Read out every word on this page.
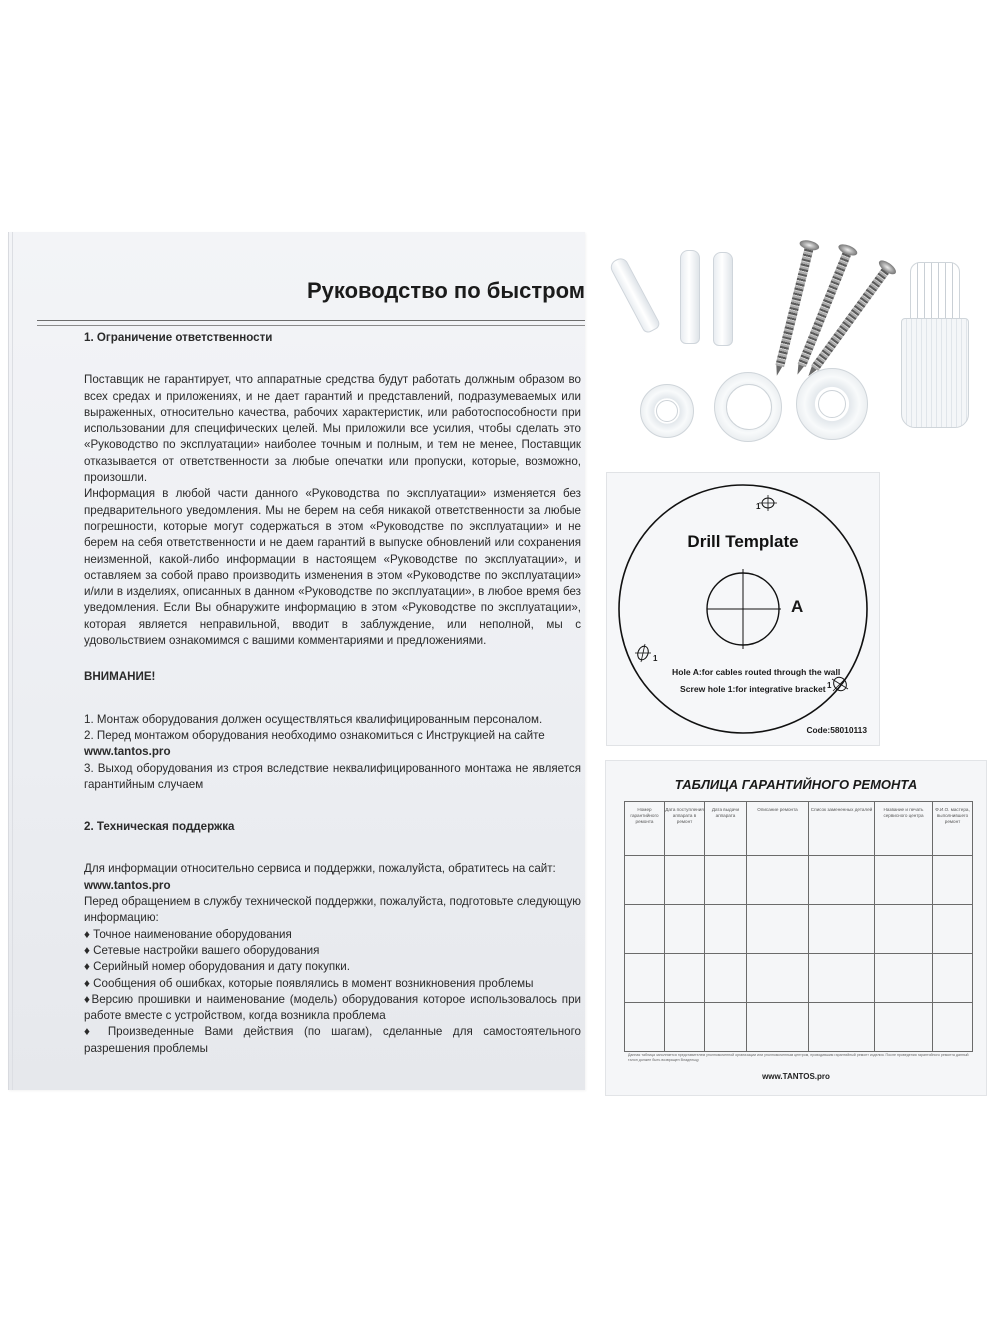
Руководство по быстром

1. Ограничение ответственности

Поставщик не гарантирует, что аппаратные средства будут работать должным образом во всех средах и приложениях, и не дает гарантий и представлений, подразумеваемых или выраженных, относительно качества, рабочих характеристик, или работоспособности при использовании для специфических целей. Мы приложили все усилия, чтобы сделать это «Руководство по эксплуатации» наиболее точным и полным, и тем не менее, Поставщик отказывается от ответственности за любые опечатки или пропуски, которые, возможно, произошли.

Информация в любой части данного «Руководства по эксплуатации» изменяется без предварительного уведомления. Мы не берем на себя никакой ответственности за любые погрешности, которые могут содержаться в этом «Руководстве по эксплуатации» и не берем на себя ответственности и не даем гарантий в выпуске обновлений или сохранения неизменной, какой-либо информации в настоящем «Руководстве по эксплуатации», и оставляем за собой право производить изменения в этом «Руководстве по эксплуатации» и/или в изделиях, описанных в данном «Руководстве по эксплуатации», в любое время без уведомления. Если Вы обнаружите информацию в этом «Руководстве по эксплуатации», которая является неправильной, вводит в заблуждение, или неполной, мы с удовольствием ознакомимся с вашими комментариями и предложениями.

ВНИМАНИЕ!

1. Монтаж оборудования должен осуществляться квалифицированным персоналом.

2. Перед монтажом оборудования необходимо ознакомиться с Инструкцией на сайте

www.tantos.pro

3. Выход оборудования из строя вследствие неквалифицированного монтажа не является гарантийным случаем

2. Техническая поддержка

Для информации относительно сервиса и поддержки, пожалуйста, обратитесь на сайт:

www.tantos.pro

Перед обращением в службу технической поддержки, пожалуйста, подготовьте следующую информацию:

♦ Точное наименование оборудования

♦ Сетевые настройки вашего оборудования

♦ Серийный номер оборудования и дату покупки.

♦ Сообщения об ошибках, которые появлялись в момент возникновения проблемы

♦Версию прошивки и наименование (модель) оборудования которое использовалось при работе вместе с устройством, когда возникла проблема

♦ Произведенные Вами действия (по шагам), сделанные для самостоятельного разрешения проблемы

1
1
1
Drill Template
A
Hole A:for cables routed through the wall
Screw hole 1:for integrative bracket
Code:58010113
ТАБЛИЦА ГАРАНТИЙНОГО РЕМОНТА
Номер гарантийного ремонта	Дата поступления аппарата в ремонт	Дата выдачи аппарата	Описание ремонта	Список замененных деталей	Название и печать сервисного центра	Ф.И.О. мастера, выполнившего ремонт

Данная таблица заполняется представителем уполномоченной организации или уполномоченным центром, проводившим гарантийный ремонт изделия. После проведения гарантийного ремонта данный талон должен быть возвращен Владельцу
www.TANTOS.pro
